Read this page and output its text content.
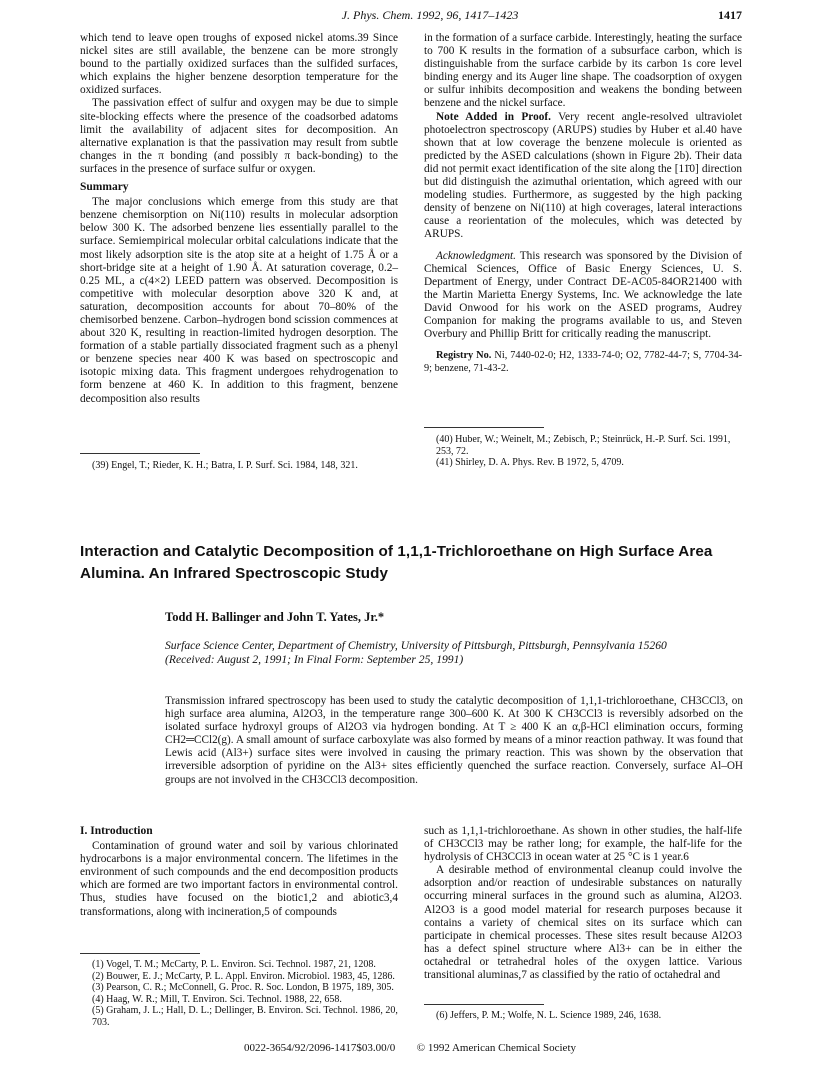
J. Phys. Chem. 1992, 96, 1417–1423	1417

which tend to leave open troughs of exposed nickel atoms.39 Since nickel sites are still available, the benzene can be more strongly bound to the partially oxidized surfaces than the sulfided surfaces, which explains the higher benzene desorption temperature for the oxidized surfaces.

The passivation effect of sulfur and oxygen may be due to simple site-blocking effects where the presence of the coadsorbed adatoms limit the availability of adjacent sites for decomposition. An alternative explanation is that the passivation may result from subtle changes in the π bonding (and possibly π back-bonding) to the surfaces in the presence of surface sulfur or oxygen.

Summary

The major conclusions which emerge from this study are that benzene chemisorption on Ni(110) results in molecular adsorption below 300 K. The adsorbed benzene lies essentially parallel to the surface. Semiempirical molecular orbital calculations indicate that the most likely adsorption site is the atop site at a height of 1.75 Å or a short-bridge site at a height of 1.90 Å. At saturation coverage, 0.2–0.25 ML, a c(4×2) LEED pattern was observed. Decomposition is competitive with molecular desorption above 320 K and, at saturation, decomposition accounts for about 70–80% of the chemisorbed benzene. Carbon–hydrogen bond scission commences at about 320 K, resulting in reaction-limited hydrogen desorption. The formation of a stable partially dissociated fragment such as a phenyl or benzene species near 400 K was based on spectroscopic and isotopic mixing data. This fragment undergoes rehydrogenation to form benzene at 460 K. In addition to this fragment, benzene decomposition also results

(39) Engel, T.; Rieder, K. H.; Batra, I. P. Surf. Sci. 1984, 148, 321.

in the formation of a surface carbide. Interestingly, heating the surface to 700 K results in the formation of a subsurface carbon, which is distinguishable from the surface carbide by its carbon 1s core level binding energy and its Auger line shape. The coadsorption of oxygen or sulfur inhibits decomposition and weakens the bonding between benzene and the nickel surface.

Note Added in Proof. Very recent angle-resolved ultraviolet photoelectron spectroscopy (ARUPS) studies by Huber et al.40 have shown that at low coverage the benzene molecule is oriented as predicted by the ASED calculations (shown in Figure 2b). Their data did not permit exact identification of the site along the [11̄0] direction but did distinguish the azimuthal orientation, which agreed with our modeling studies. Furthermore, as suggested by the high packing density of benzene on Ni(110) at high coverages, lateral interactions cause a reorientation of the molecules, which was detected by ARUPS.

Acknowledgment. This research was sponsored by the Division of Chemical Sciences, Office of Basic Energy Sciences, U. S. Department of Energy, under Contract DE-AC05-84OR21400 with the Martin Marietta Energy Systems, Inc. We acknowledge the late David Onwood for his work on the ASED programs, Audrey Companion for making the programs available to us, and Steven Overbury and Phillip Britt for critically reading the manuscript.

Registry No. Ni, 7440-02-0; H2, 1333-74-0; O2, 7782-44-7; S, 7704-34-9; benzene, 71-43-2.

(40) Huber, W.; Weinelt, M.; Zebisch, P.; Steinrück, H.-P. Surf. Sci. 1991, 253, 72.
(41) Shirley, D. A. Phys. Rev. B 1972, 5, 4709.
Interaction and Catalytic Decomposition of 1,1,1-Trichloroethane on High Surface Area
Alumina. An Infrared Spectroscopic Study
Todd H. Ballinger and John T. Yates, Jr.*
Surface Science Center, Department of Chemistry, University of Pittsburgh, Pittsburgh, Pennsylvania 15260
(Received: August 2, 1991; In Final Form: September 25, 1991)
Transmission infrared spectroscopy has been used to study the catalytic decomposition of 1,1,1-trichloroethane, CH3CCl3, on high surface area alumina, Al2O3, in the temperature range 300–600 K. At 300 K CH3CCl3 is reversibly adsorbed on the isolated surface hydroxyl groups of Al2O3 via hydrogen bonding. At T ≥ 400 K an α,β-HCl elimination occurs, forming CH2═CCl2(g). A small amount of surface carboxylate was also formed by means of a minor reaction pathway. It was found that Lewis acid (Al3+) surface sites were involved in causing the primary reaction. This was shown by the observation that irreversible adsorption of pyridine on the Al3+ sites efficiently quenched the surface reaction. Conversely, surface Al–OH groups are not involved in the CH3CCl3 decomposition.
I. Introduction

Contamination of ground water and soil by various chlorinated hydrocarbons is a major environmental concern. The lifetimes in the environment of such compounds and the end decomposition products which are formed are two important factors in environmental control. Thus, studies have focused on the biotic1,2 and abiotic3,4 transformations, along with incineration,5 of compounds

(1) Vogel, T. M.; McCarty, P. L. Environ. Sci. Technol. 1987, 21, 1208.
(2) Bouwer, E. J.; McCarty, P. L. Appl. Environ. Microbiol. 1983, 45, 1286.
(3) Pearson, C. R.; McConnell, G. Proc. R. Soc. London, B 1975, 189, 305.
(4) Haag, W. R.; Mill, T. Environ. Sci. Technol. 1988, 22, 658.
(5) Graham, J. L.; Hall, D. L.; Dellinger, B. Environ. Sci. Technol. 1986, 20, 703.

such as 1,1,1-trichloroethane. As shown in other studies, the half-life of CH3CCl3 may be rather long; for example, the half-life for the hydrolysis of CH3CCl3 in ocean water at 25 °C is 1 year.6

A desirable method of environmental cleanup could involve the adsorption and/or reaction of undesirable substances on naturally occurring mineral surfaces in the ground such as alumina, Al2O3. Al2O3 is a good model material for research purposes because it contains a variety of chemical sites on its surface which can participate in chemical processes. These sites result because Al2O3 has a defect spinel structure where Al3+ can be in either the octahedral or tetrahedral holes of the oxygen lattice. Various transitional aluminas,7 as classified by the ratio of octahedral and

(6) Jeffers, P. M.; Wolfe, N. L. Science 1989, 246, 1638.
0022-3654/92/2096-1417$03.00/0 © 1992 American Chemical Society
